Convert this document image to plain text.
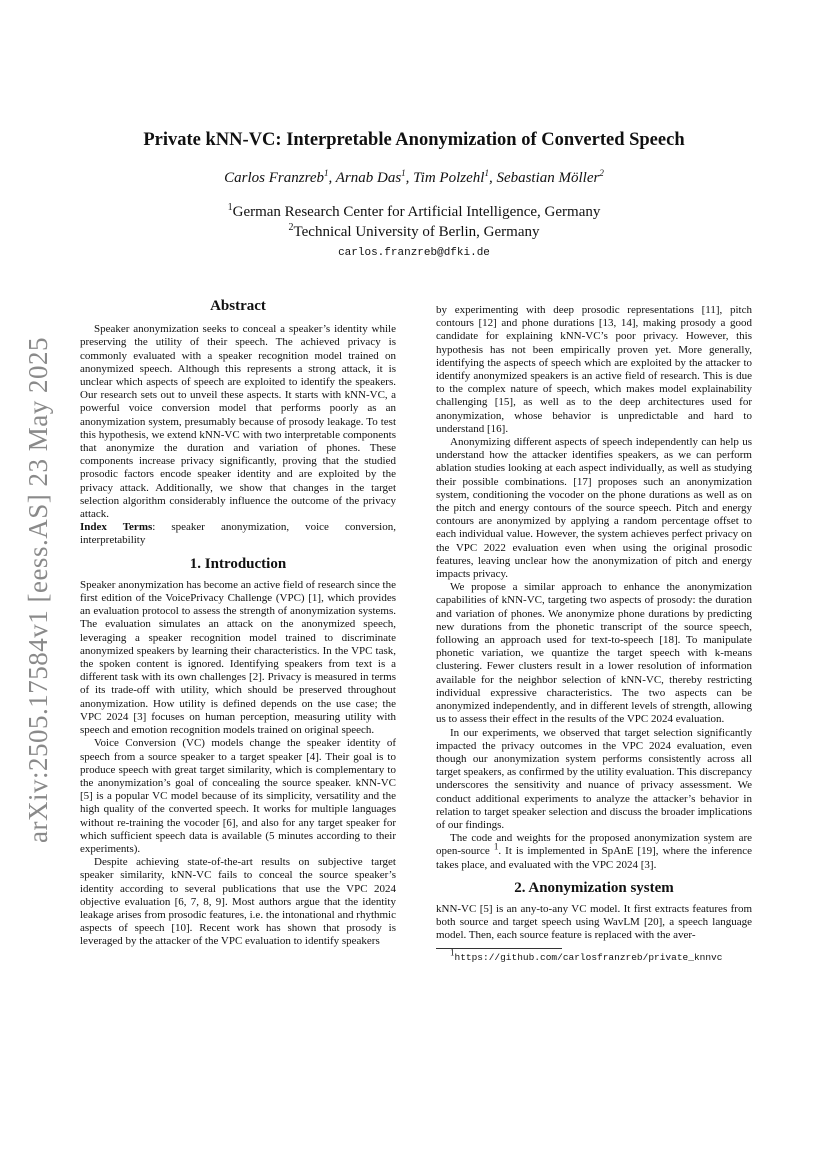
arXiv:2505.17584v1 [eess.AS] 23 May 2025
Private kNN-VC: Interpretable Anonymization of Converted Speech
Carlos Franzreb$^1$, Arnab Das$^1$, Tim Polzehl$^1$, Sebastian Möller$^2$
$^1$German Research Center for Artificial Intelligence, Germany
$^2$Technical University of Berlin, Germany
carlos.franzreb@dfki.de
Abstract

Speaker anonymization seeks to conceal a speaker’s identity while preserving the utility of their speech. The achieved privacy is commonly evaluated with a speaker recognition model trained on anonymized speech. Although this represents a strong attack, it is unclear which aspects of speech are exploited to identify the speakers. Our research sets out to unveil these aspects. It starts with kNN-VC, a powerful voice conversion model that performs poorly as an anonymization system, presumably because of prosody leakage. To test this hypothesis, we extend kNN-VC with two interpretable components that anonymize the duration and variation of phones. These components increase privacy significantly, proving that the studied prosodic factors encode speaker identity and are exploited by the privacy attack. Additionally, we show that changes in the target selection algorithm considerably influence the outcome of the privacy attack.

Index Terms: speaker anonymization, voice conversion, interpretability

1. Introduction

Speaker anonymization has become an active field of research since the first edition of the VoicePrivacy Challenge (VPC) [1], which provides an evaluation protocol to assess the strength of anonymization systems. The evaluation simulates an attack on the anonymized speech, leveraging a speaker recognition model trained to discriminate anonymized speakers by learning their characteristics. In the VPC task, the spoken content is ignored. Identifying speakers from text is a different task with its own challenges [2]. Privacy is measured in terms of its trade-off with utility, which should be preserved throughout anonymization. How utility is defined depends on the use case; the VPC 2024 [3] focuses on human perception, measuring utility with speech and emotion recognition models trained on original speech.

Voice Conversion (VC) models change the speaker identity of speech from a source speaker to a target speaker [4]. Their goal is to produce speech with great target similarity, which is complementary to the anonymization’s goal of concealing the source speaker. kNN-VC [5] is a popular VC model because of its simplicity, versatility and the high quality of the converted speech. It works for multiple languages without re-training the vocoder [6], and also for any target speaker for which sufficient speech data is available (5 minutes according to their experiments).

Despite achieving state-of-the-art results on subjective target speaker similarity, kNN-VC fails to conceal the source speaker’s identity according to several publications that use the VPC 2024 objective evaluation [6, 7, 8, 9]. Most authors argue that the identity leakage arises from prosodic features, i.e. the intonational and rhythmic aspects of speech [10]. Recent work has shown that prosody is leveraged by the attacker of the VPC evaluation to identify speakers

by experimenting with deep prosodic representations [11], pitch contours [12] and phone durations [13, 14], making prosody a good candidate for explaining kNN-VC’s poor privacy. However, this hypothesis has not been empirically proven yet. More generally, identifying the aspects of speech which are exploited by the attacker to identify anonymized speakers is an active field of research. This is due to the complex nature of speech, which makes model explainability challenging [15], as well as to the deep architectures used for anonymization, whose behavior is unpredictable and hard to understand [16].

Anonymizing different aspects of speech independently can help us understand how the attacker identifies speakers, as we can perform ablation studies looking at each aspect individually, as well as studying their possible combinations. [17] proposes such an anonymization system, conditioning the vocoder on the phone durations as well as on the pitch and energy contours of the source speech. Pitch and energy contours are anonymized by applying a random percentage offset to each individual value. However, the system achieves perfect privacy on the VPC 2022 evaluation even when using the original prosodic features, leaving unclear how the anonymization of pitch and energy impacts privacy.

We propose a similar approach to enhance the anonymization capabilities of kNN-VC, targeting two aspects of prosody: the duration and variation of phones. We anonymize phone durations by predicting new durations from the phonetic transcript of the source speech, following an approach used for text-to-speech [18]. To manipulate phonetic variation, we quantize the target speech with k-means clustering. Fewer clusters result in a lower resolution of information available for the neighbor selection of kNN-VC, thereby restricting individual expressive characteristics. The two aspects can be anonymized independently, and in different levels of strength, allowing us to assess their effect in the results of the VPC 2024 evaluation.

In our experiments, we observed that target selection significantly impacted the privacy outcomes in the VPC 2024 evaluation, even though our anonymization system performs consistently across all target speakers, as confirmed by the utility evaluation. This discrepancy underscores the sensitivity and nuance of privacy assessment. We conduct additional experiments to analyze the attacker’s behavior in relation to target speaker selection and discuss the broader implications of our findings.

The code and weights for the proposed anonymization system are open-source $^1$. It is implemented in SpAnE [19], where the inference takes place, and evaluated with the VPC 2024 [3].

2. Anonymization system

kNN-VC [5] is an any-to-any VC model. It first extracts features from both source and target speech using WavLM [20], a speech language model. Then, each source feature is replaced with the aver-

$^1$https://github.com/carlosfranzreb/private_knnvc
